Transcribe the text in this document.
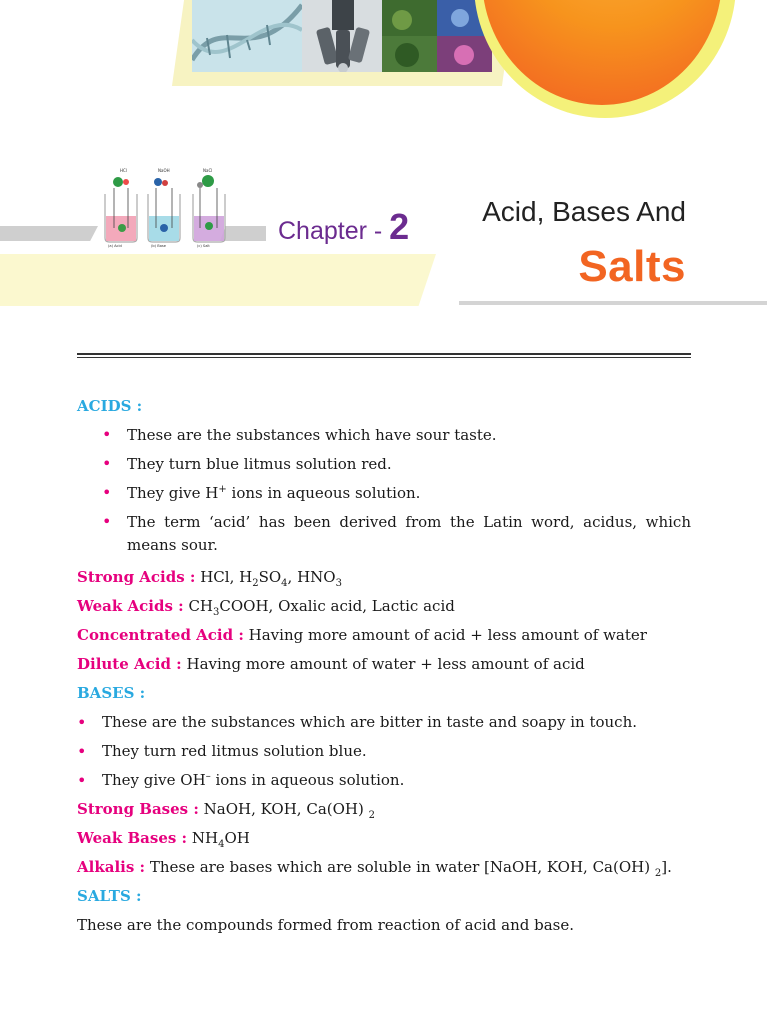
HCl	NaOH	NaCl
(a) Acid	(b) Base	(c) Salt
Chapter - 2	Acid, Bases And
Salts

ACIDS :

• These are the substances which have sour taste.
• They turn blue litmus solution red.
• They give H+ ions in aqueous solution.
• The term ‘acid’ has been derived from the Latin word, acidus, which means sour.

Strong Acids : HCl, $H_2SO_4$, $HNO_3$

Weak Acids : $CH_3COOH$, Oxalic acid, Lactic acid

Concentrated Acid : Having more amount of acid + less amount of water

Dilute Acid : Having more amount of water + less amount of acid

BASES :

• These are the substances which are bitter in taste and soapy in touch.
• They turn red litmus solution blue.
• They give OH– ions in aqueous solution.

Strong Bases : NaOH, KOH, Ca(OH) $_2$

Weak Bases : $NH_4OH$

Alkalis : These are bases which are soluble in water [NaOH, KOH, Ca(OH) $_2$].

SALTS :

These are the compounds formed from reaction of acid and base.
